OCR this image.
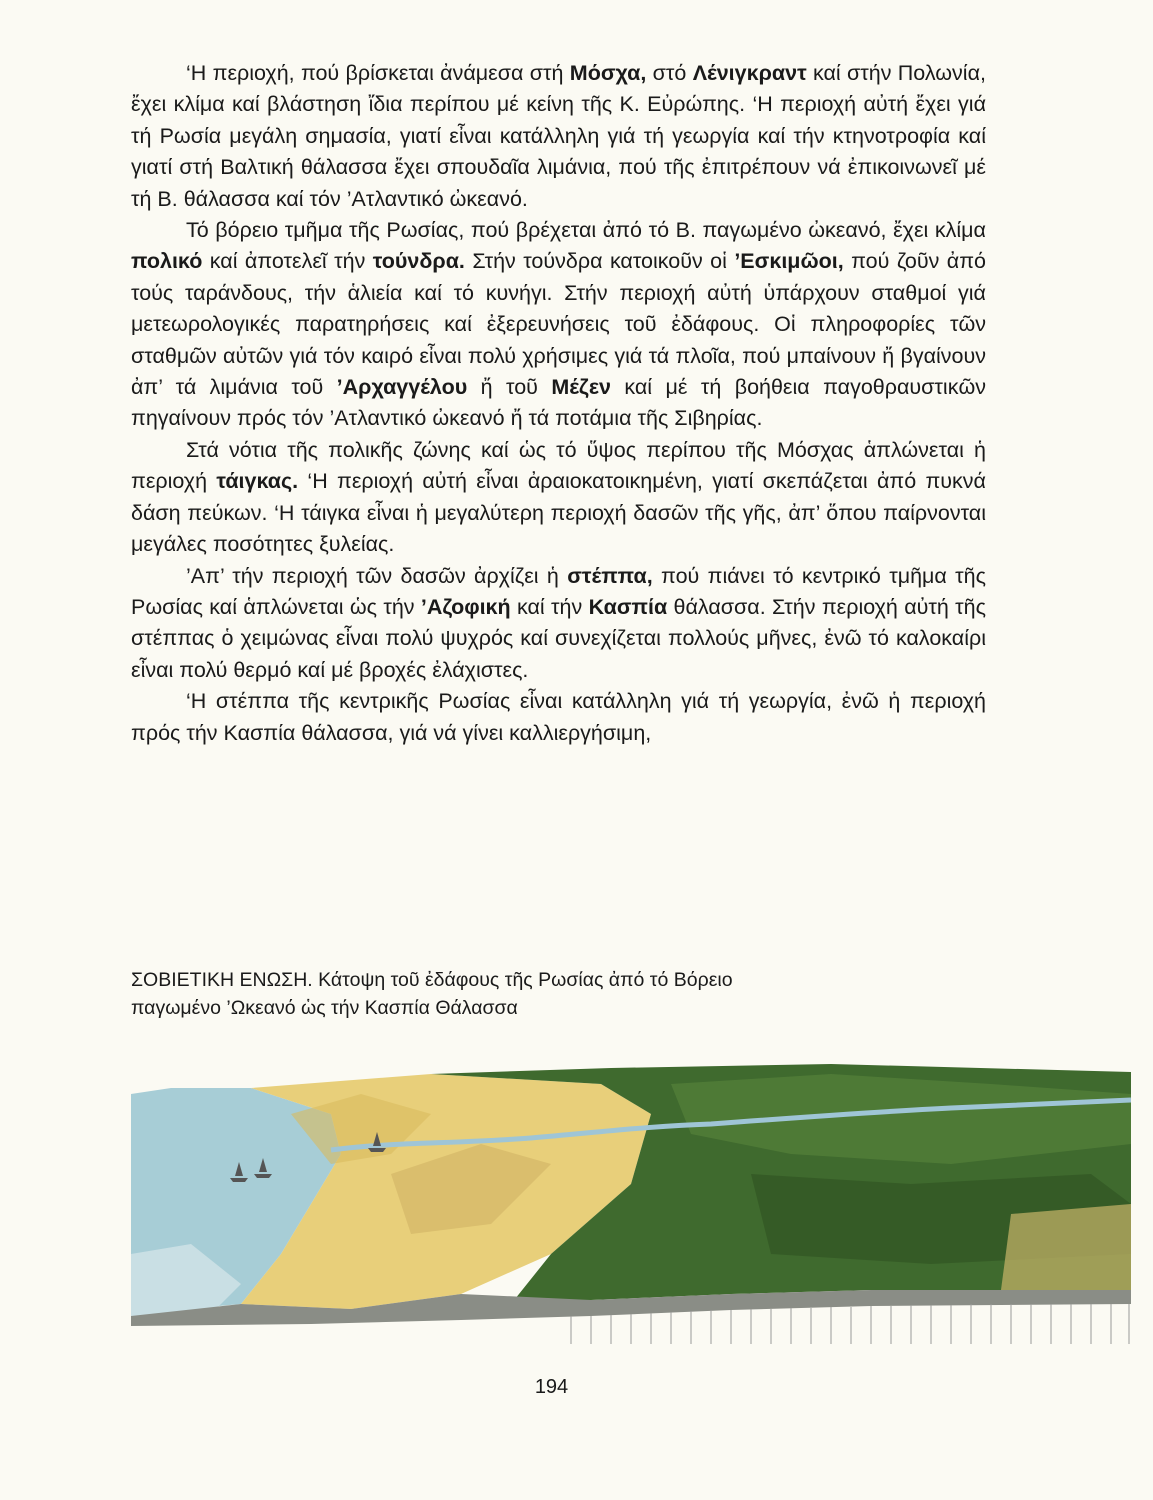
‘Η περιοχή, πού βρίσκεται ἀνάμεσα στή Μόσχα, στό Λένιγκραντ καί στήν Πολωνία, ἔχει κλίμα καί βλάστηση ἴδια περίπου μέ κείνη τῆς Κ. Εὐρώπης. ‘Η περιοχή αὐτή ἔχει γιά τή Ρωσία μεγάλη σημασία, γιατί εἶναι κατάλληλη γιά τή γεωργία καί τήν κτηνοτροφία καί γιατί στή Βαλτική θάλασσα ἔχει σπουδαῖα λιμάνια, πού τῆς ἐπιτρέπουν νά ἐπικοινωνεῖ μέ τή Β. θάλασσα καί τόν ’Ατλαντικό ὠκεανό.

Τό βόρειο τμῆμα τῆς Ρωσίας, πού βρέχεται ἀπό τό Β. παγωμένο ὠκεανό, ἔχει κλίμα πολικό καί ἀποτελεῖ τήν τούνδρα. Στήν τούνδρα κατοικοῦν οἱ ’Εσκιμῶοι, πού ζοῦν ἀπό τούς ταράνδους, τήν ἁλιεία καί τό κυνήγι. Στήν περιοχή αὐτή ὑπάρχουν σταθμοί γιά μετεωρολογικές παρατηρήσεις καί ἐξερευνήσεις τοῦ ἐδάφους. Οἱ πληροφορίες τῶν σταθμῶν αὐτῶν γιά τόν καιρό εἶναι πολύ χρήσιμες γιά τά πλοῖα, πού μπαίνουν ἤ βγαίνουν ἀπ’ τά λιμάνια τοῦ ’Αρχαγγέλου ἤ τοῦ Μέζεν καί μέ τή βοήθεια παγοθραυστικῶν πηγαίνουν πρός τόν ’Ατλαντικό ὠκεανό ἤ τά ποτάμια τῆς Σιβηρίας.

Στά νότια τῆς πολικῆς ζώνης καί ὡς τό ὕψος περίπου τῆς Μόσχας ἁπλώνεται ἡ περιοχή τάιγκας. ‘Η περιοχή αὐτή εἶναι ἀραιοκατοικημένη, γιατί σκεπάζεται ἀπό πυκνά δάση πεύκων. ‘Η τάιγκα εἶναι ἡ μεγαλύτερη περιοχή δασῶν τῆς γῆς, ἀπ’ ὅπου παίρνονται μεγάλες ποσότητες ξυλείας.

’Απ’ τήν περιοχή τῶν δασῶν ἀρχίζει ἡ στέππα, πού πιάνει τό κεντρικό τμῆμα τῆς Ρωσίας καί ἁπλώνεται ὡς τήν ’Αζοφική καί τήν Κασπία θάλασσα. Στήν περιοχή αὐτή τῆς στέππας ὁ χειμώνας εἶναι πολύ ψυχρός καί συνεχίζεται πολλούς μῆνες, ἐνῶ τό καλοκαίρι εἶναι πολύ θερμό καί μέ βροχές ἐλάχιστες.

‘Η στέππα τῆς κεντρικῆς Ρωσίας εἶναι κατάλληλη γιά τή γεωργία, ἐνῶ ἡ περιοχή πρός τήν Κασπία θάλασσα, γιά νά γίνει καλλιεργήσιμη,

ΣΟΒΙΕΤΙΚΗ ΕΝΩΣΗ. Κάτοψη τοῦ ἐδάφους τῆς Ρωσίας ἀπό τό Βόρειο
παγωμένο ’Ωκεανό ὡς τήν Κασπία Θάλασσα
194
